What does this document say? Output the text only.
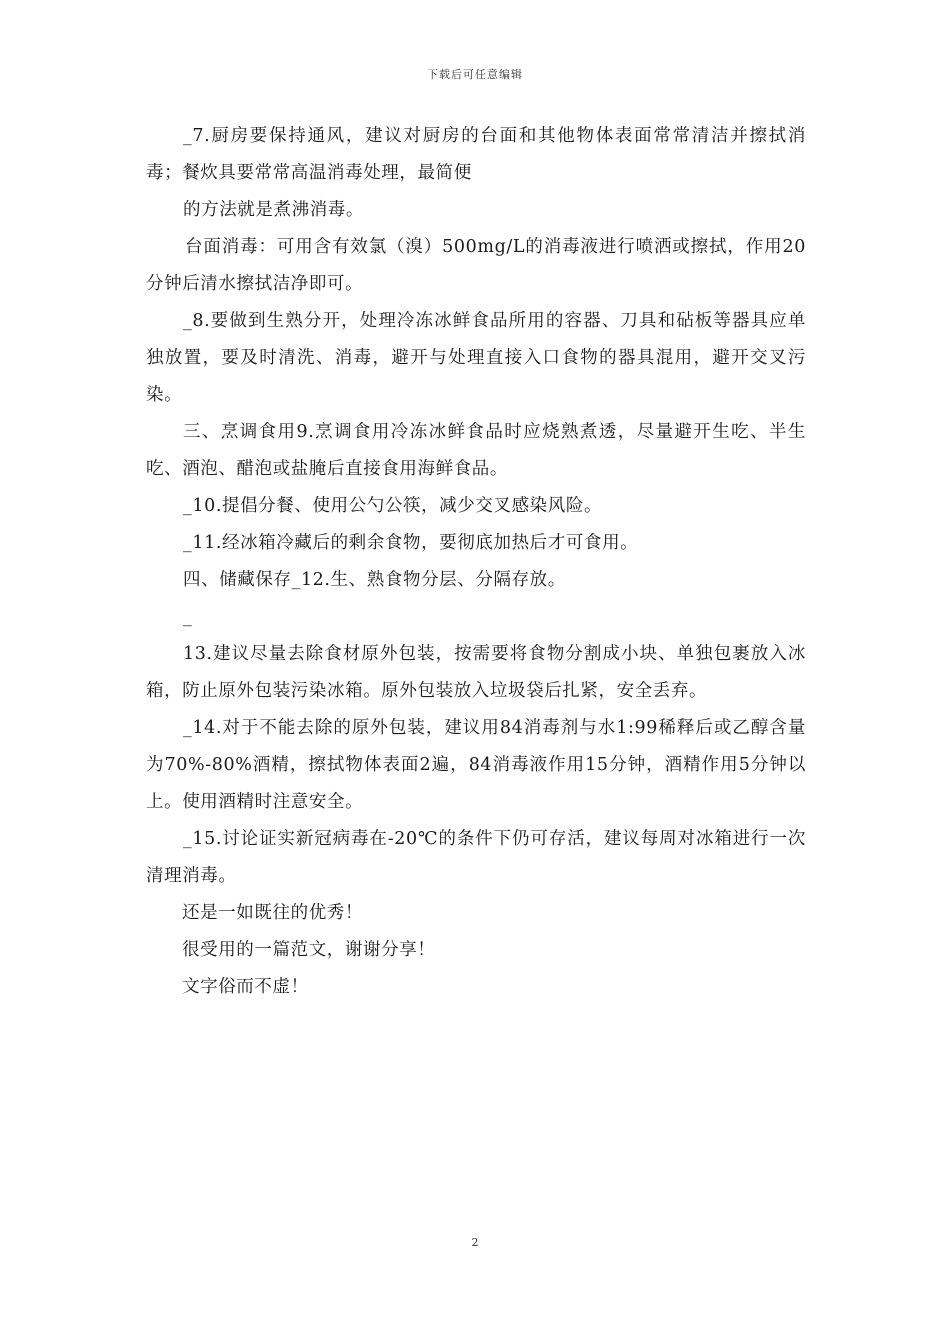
下载后可任意编辑

_7.厨房要保持通风，建议对厨房的台面和其他物体表面常常清洁并擦拭消毒；餐炊具要常常高温消毒处理，最简便

的方法就是煮沸消毒。

台面消毒：可用含有效氯（溴）500mg/L的消毒液进行喷洒或擦拭，作用20分钟后清水擦拭洁净即可。

_8.要做到生熟分开，处理冷冻冰鲜食品所用的容器、刀具和砧板等器具应单独放置，要及时清洗、消毒，避开与处理直接入口食物的器具混用，避开交叉污染。

三、烹调食用9.烹调食用冷冻冰鲜食品时应烧熟煮透，尽量避开生吃、半生吃、酒泡、醋泡或盐腌后直接食用海鲜食品。

_10.提倡分餐、使用公勺公筷，减少交叉感染风险。

_11.经冰箱冷藏后的剩余食物，要彻底加热后才可食用。

四、储藏保存_12.生、熟食物分层、分隔存放。

_

13.建议尽量去除食材原外包装，按需要将食物分割成小块、单独包裹放入冰箱，防止原外包装污染冰箱。原外包装放入垃圾袋后扎紧，安全丢弃。

_14.对于不能去除的原外包装，建议用84消毒剂与水1:99稀释后或乙醇含量为70%-80%酒精，擦拭物体表面2遍，84消毒液作用15分钟，酒精作用5分钟以上。使用酒精时注意安全。

_15.讨论证实新冠病毒在-20℃的条件下仍可存活，建议每周对冰箱进行一次清理消毒。

还是一如既往的优秀！

很受用的一篇范文，谢谢分享！

文字俗而不虚！

2
